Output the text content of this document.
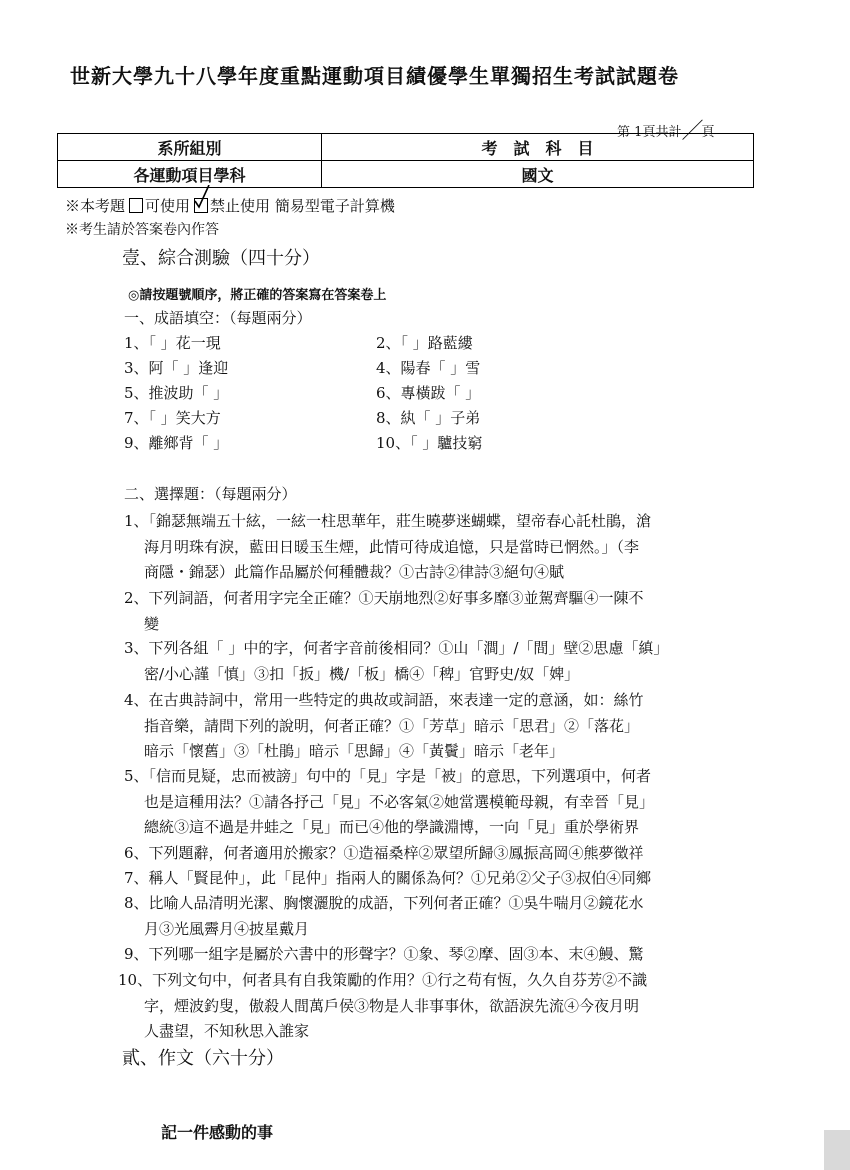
世新大學九十八學年度重點運動項目績優學生單獨招生考試試題卷
第 1頁共計／頁
系所組別	考　試　科　目
各運動項目學科	國文
※本考題 可使用 禁止使用 簡易型電子計算機
※考生請於答案卷內作答
壹、綜合測驗（四十分）
◎請按題號順序，將正確的答案寫在答案卷上
一、成語填空：（每題兩分）
1、「 」花一現	2、「 」路藍縷
3、阿「 」逢迎	4、陽春「 」雪
5、推波助「 」	6、專橫跋「 」
7、「 」笑大方	8、紈「 」子弟
9、離鄉背「 」	10、「 」驢技窮
二、選擇題：（每題兩分）
1、「錦瑟無端五十絃，一絃一柱思華年，莊生曉夢迷蝴蝶，望帝春心託杜鵑，滄
海月明珠有淚，藍田日暖玉生煙，此情可待成追憶，只是當時已惘然。」（李
商隱・錦瑟）此篇作品屬於何種體裁？①古詩②律詩③絕句④賦
2、下列詞語，何者用字完全正確？①天崩地烈②好事多靡③並駕齊驅④一陳不
變
3、下列各組「 」中的字，何者字音前後相同？①山「澗」/「間」壁②思慮「縝」
密/小心謹「慎」③扣「扳」機/「板」橋④「稗」官野史/奴「婢」
4、在古典詩詞中，常用一些特定的典故或詞語，來表達一定的意涵，如：絲竹
指音樂，請問下列的說明，何者正確？①「芳草」暗示「思君」②「落花」
暗示「懷舊」③「杜鵑」暗示「思歸」④「黃鬢」暗示「老年」
5、「信而見疑，忠而被謗」句中的「見」字是「被」的意思，下列選項中，何者
也是這種用法？①請各抒己「見」不必客氣②她當選模範母親，有幸晉「見」
總統③這不過是井蛙之「見」而已④他的學識淵博，一向「見」重於學術界
6、下列題辭，何者適用於搬家？①造福桑梓②眾望所歸③鳳振高岡④熊夢徵祥
7、稱人「賢昆仲」，此「昆仲」指兩人的關係為何？①兄弟②父子③叔伯④同鄉
8、比喻人品清明光潔、胸懷灑脫的成語，下列何者正確？①吳牛喘月②鏡花水
月③光風霽月④披星戴月
9、下列哪一組字是屬於六書中的形聲字？①象、琴②摩、固③本、末④鰻、驚
10、下列文句中，何者具有自我策勵的作用？①行之苟有恆，久久自芬芳②不識
字，煙波釣叟，傲殺人間萬戶侯③物是人非事事休，欲語淚先流④今夜月明
人盡望，不知秋思入誰家
貳、作文（六十分）
記一件感動的事
